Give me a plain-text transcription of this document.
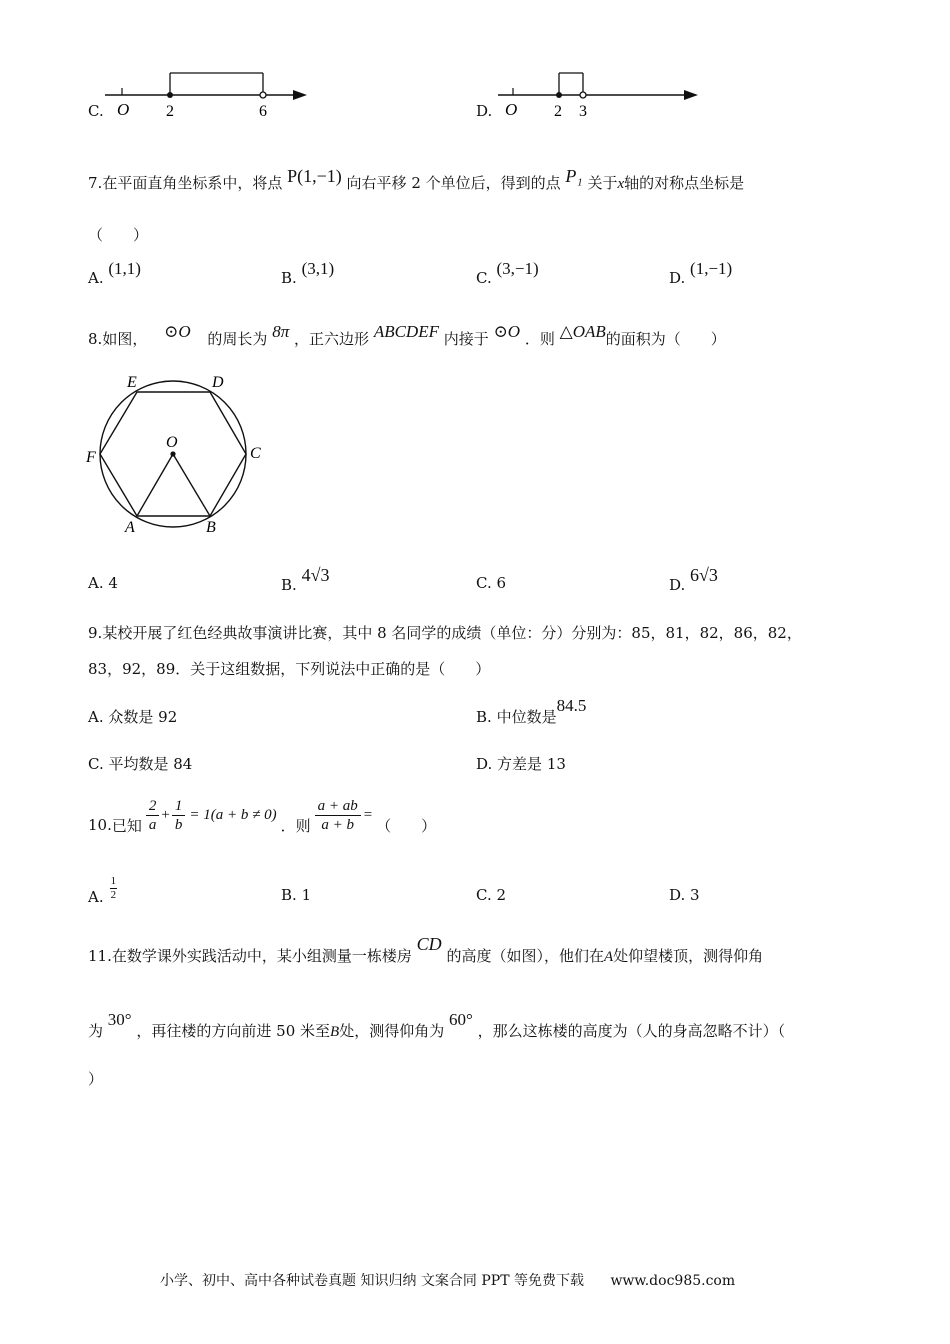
C. O 2	6	D. O 2 3
7.在平面直角坐标系中，将点 P(1,−1) 向右平移 2 个单位后，得到的点 P₁ 关于x轴的对称点坐标是
（　　）
A. (1,1)	B. (3,1)	C. (3,−1)	D. (1,−1)
8.如图， ⊙O 的周长为 8π ，正六边形 ABCDEF 内接于 ⊙O ．则 △OAB的面积为（　　）
E	D
F	C
O
A	B
A. 4	B. 4√3	C. 6	D. 6√3
9.某校开展了红色经典故事演讲比赛，其中 8 名同学的成绩（单位：分）分别为：85，81，82，86，82，
83，92，89．关于这组数据，下列说法中正确的是（　　）
A. 众数是 92	B. 中位数是84.5
C. 平均数是 84	D. 方差是 13
10. 已知 $\frac{2}{a} + \frac{1}{b} = 1(a + b \ne 0)$
．则 $\frac{a + ab}{a + b}$ =
（　　）
A. $\frac{1}{2}$	B. 1	C. 2	D. 3
11.在数学课外实践活动中，某小组测量一栋楼房 CD 的高度（如图），他们在A处仰望楼顶，测得仰角
为 30° ，再往楼的方向前进 50 米至B处，测得仰角为 60° ，那么这栋楼的高度为（人的身高忽略不计）（
）
小学、初中、高中各种试卷真题 知识归纳 文案合同 PPT 等免费下载 www.doc985.com
